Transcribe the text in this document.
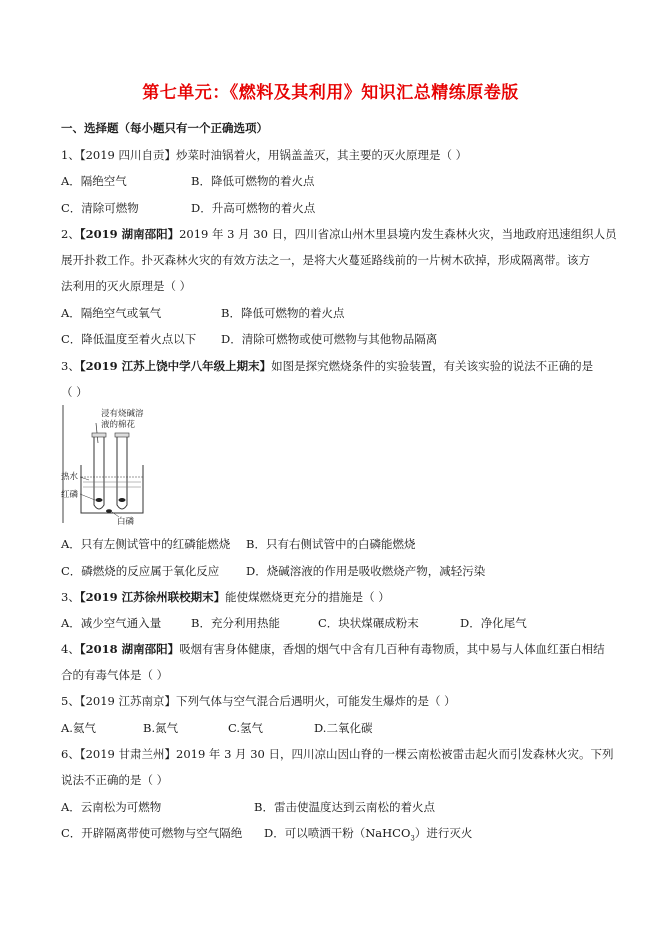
第七单元：《燃料及其利用》知识汇总精练原卷版
一、选择题（每小题只有一个正确选项）
1、【2019 四川自贡】炒菜时油锅着火，用锅盖盖灭，其主要的灭火原理是（ ）
A．隔绝空气	B．降低可燃物的着火点
C．清除可燃物	D．升高可燃物的着火点
2、【2019 湖南邵阳】2019 年 3 月 30 日，四川省凉山州木里县境内发生森林火灾，当地政府迅速组织人员
展开扑救工作。扑灭森林火灾的有效方法之一，是将大火蔓延路线前的一片树木砍掉，形成隔离带。该方
法利用的灭火原理是（ ）
A．隔绝空气或氧气	B．降低可燃物的着火点
C．降低温度至着火点以下 D．清除可燃物或使可燃物与其他物品隔离
3、【2019 江苏上饶中学八年级上期末】如图是探究燃烧条件的实验装置，有关该实验的说法不正确的是
（ ）
浸有烧碱溶
液的棉花
热水
红磷
白磷
A．只有左侧试管中的红磷能燃烧 B．只有右侧试管中的白磷能燃烧
C．磷燃烧的反应属于氧化反应 D．烧碱溶液的作用是吸收燃烧产物，减轻污染
3、【2019 江苏徐州联校期末】能使煤燃烧更充分的措施是（ ）
A．减少空气通入量	B．充分利用热能	C．块状煤碾成粉末	D．净化尾气
4、【2018 湖南邵阳】吸烟有害身体健康，香烟的烟气中含有几百种有毒物质，其中易与人体血红蛋白相结
合的有毒气体是（ ）
5、【2019 江苏南京】下列气体与空气混合后遇明火，可能发生爆炸的是（ ）
A.氦气	B.氮气	C.氢气	D.二氧化碳
6、【2019 甘肃兰州】2019 年 3 月 30 日，四川凉山因山脊的一棵云南松被雷击起火而引发森林火灾。下列
说法不正确的是（ ）
A．云南松为可燃物	B．雷击使温度达到云南松的着火点
C．开辟隔离带使可燃物与空气隔绝 D．可以喷洒干粉（NaHCO$_3$）进行灭火
